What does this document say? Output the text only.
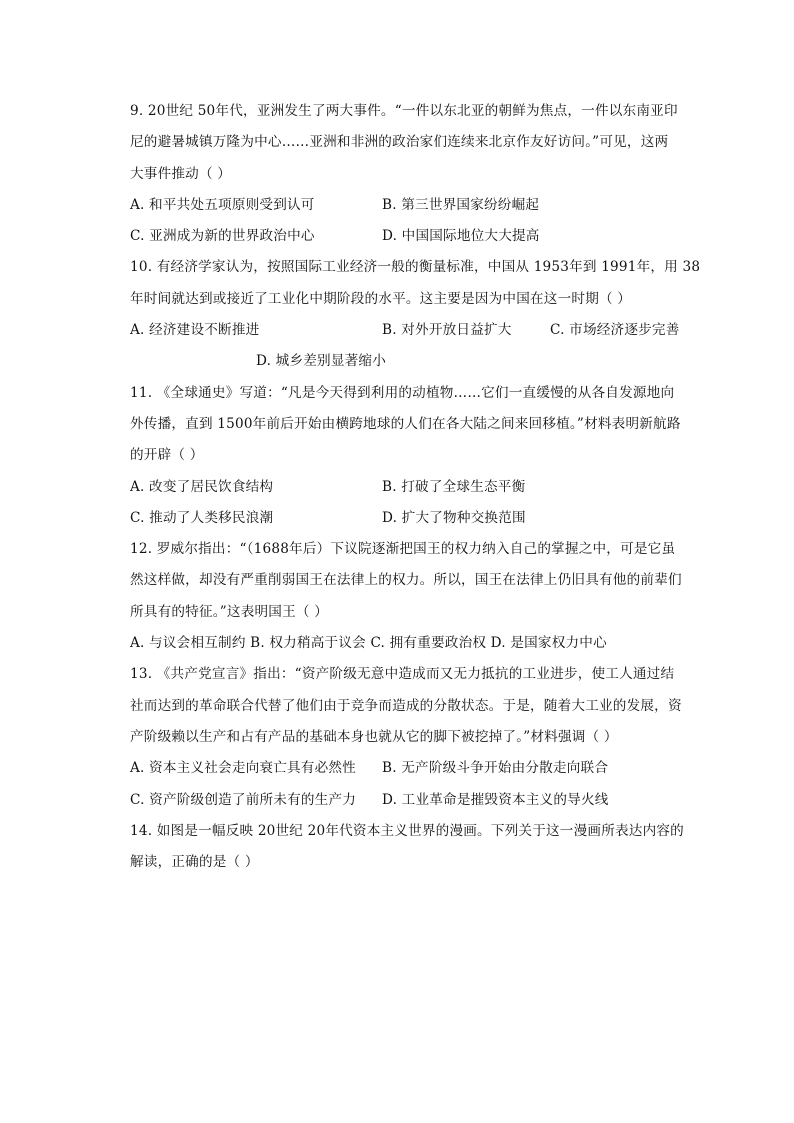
9. 20世纪 50年代，亚洲发生了两大事件。“一件以东北亚的朝鲜为焦点，一件以东南亚印
尼的避暑城镇万隆为中心……亚洲和非洲的政治家们连续来北京作友好访问。”可见，这两
大事件推动（ ）
A. 和平共处五项原则受到认可	B. 第三世界国家纷纷崛起
C. 亚洲成为新的世界政治中心	D. 中国国际地位大大提高
10. 有经济学家认为，按照国际工业经济一般的衡量标准，中国从 1953年到 1991年，用 38
年时间就达到或接近了工业化中期阶段的水平。这主要是因为中国在这一时期（ ）
A. 经济建设不断推进	B. 对外开放日益扩大	C. 市场经济逐步完善
D. 城乡差别显著缩小
11. 《全球通史》写道：“凡是今天得到利用的动植物……它们一直缓慢的从各自发源地向
外传播，直到 1500年前后开始由横跨地球的人们在各大陆之间来回移植。”材料表明新航路
的开辟（ ）
A. 改变了居民饮食结构	B. 打破了全球生态平衡
C. 推动了人类移民浪潮	D. 扩大了物种交换范围
12. 罗威尔指出：“（1688年后）下议院逐渐把国王的权力纳入自己的掌握之中，可是它虽
然这样做，却没有严重削弱国王在法律上的权力。所以，国王在法律上仍旧具有他的前辈们
所具有的特征。”这表明国王（ ）
A. 与议会相互制约 B. 权力稍高于议会 C. 拥有重要政治权 D. 是国家权力中心
13. 《共产党宣言》指出：“资产阶级无意中造成而又无力抵抗的工业进步，使工人通过结
社而达到的革命联合代替了他们由于竞争而造成的分散状态。于是，随着大工业的发展，资
产阶级赖以生产和占有产品的基础本身也就从它的脚下被挖掉了。”材料强调（ ）
A. 资本主义社会走向衰亡具有必然性 B. 无产阶级斗争开始由分散走向联合
C. 资产阶级创造了前所未有的生产力 D. 工业革命是摧毁资本主义的导火线
14. 如图是一幅反映 20世纪 20年代资本主义世界的漫画。下列关于这一漫画所表达内容的
解读，正确的是（ ）
